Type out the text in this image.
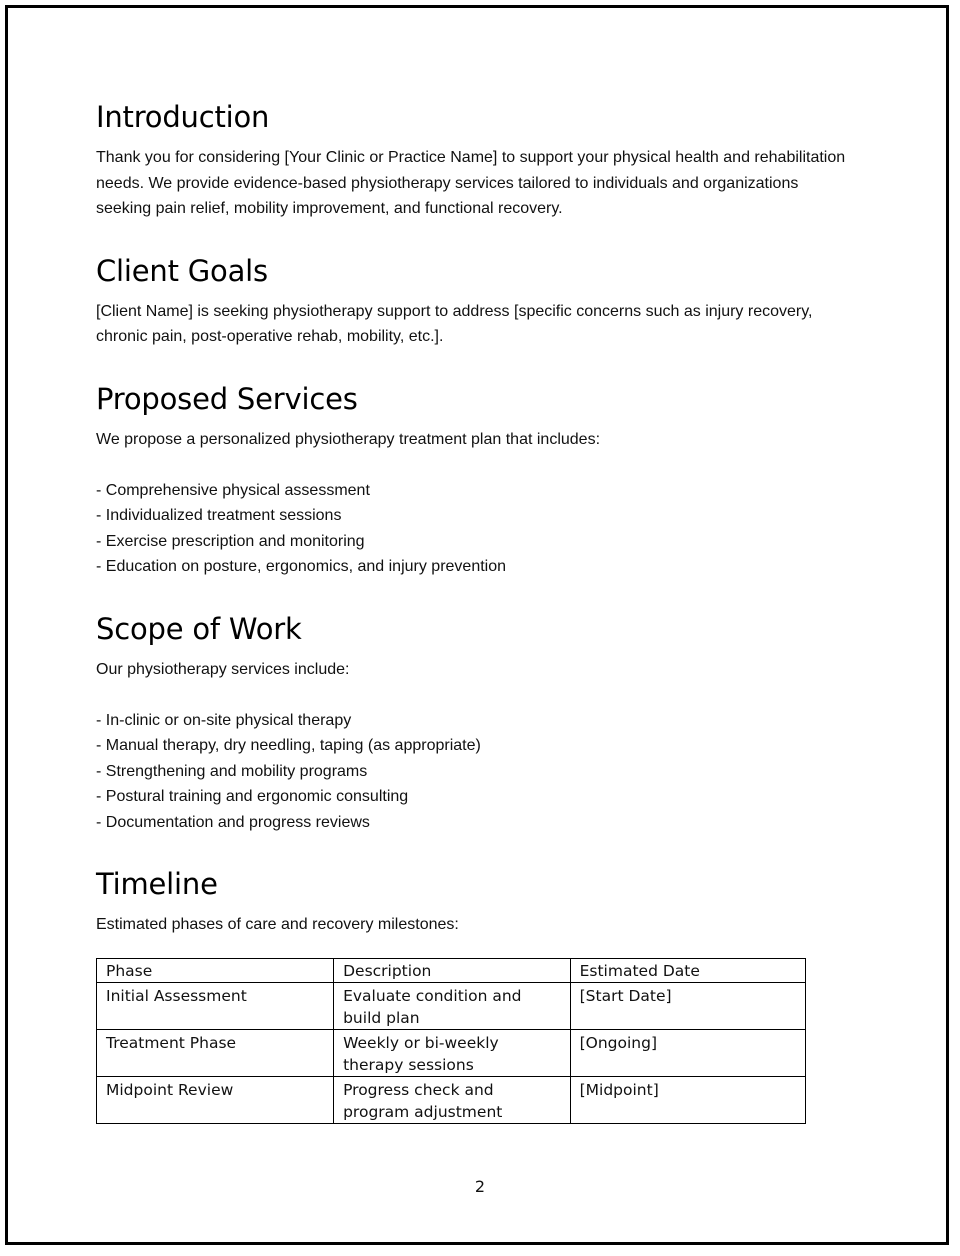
Introduction

Thank you for considering [Your Clinic or Practice Name] to support your physical health and rehabilitation needs. We provide evidence-based physiotherapy services tailored to individuals and organizations seeking pain relief, mobility improvement, and functional recovery.

Client Goals

[Client Name] is seeking physiotherapy support to address [specific concerns such as injury recovery, chronic pain, post-operative rehab, mobility, etc.].

Proposed Services

We propose a personalized physiotherapy treatment plan that includes:

- Comprehensive physical assessment
- Individualized treatment sessions
- Exercise prescription and monitoring
- Education on posture, ergonomics, and injury prevention
Scope of Work

Our physiotherapy services include:

- In-clinic or on-site physical therapy
- Manual therapy, dry needling, taping (as appropriate)
- Strengthening and mobility programs
- Postural training and ergonomic consulting
- Documentation and progress reviews
Timeline

Estimated phases of care and recovery milestones:

Phase	Description	Estimated Date
Initial Assessment	Evaluate condition and build plan	[Start Date]
Treatment Phase	Weekly or bi-weekly therapy sessions	[Ongoing]
Midpoint Review	Progress check and program adjustment	[Midpoint]
2
